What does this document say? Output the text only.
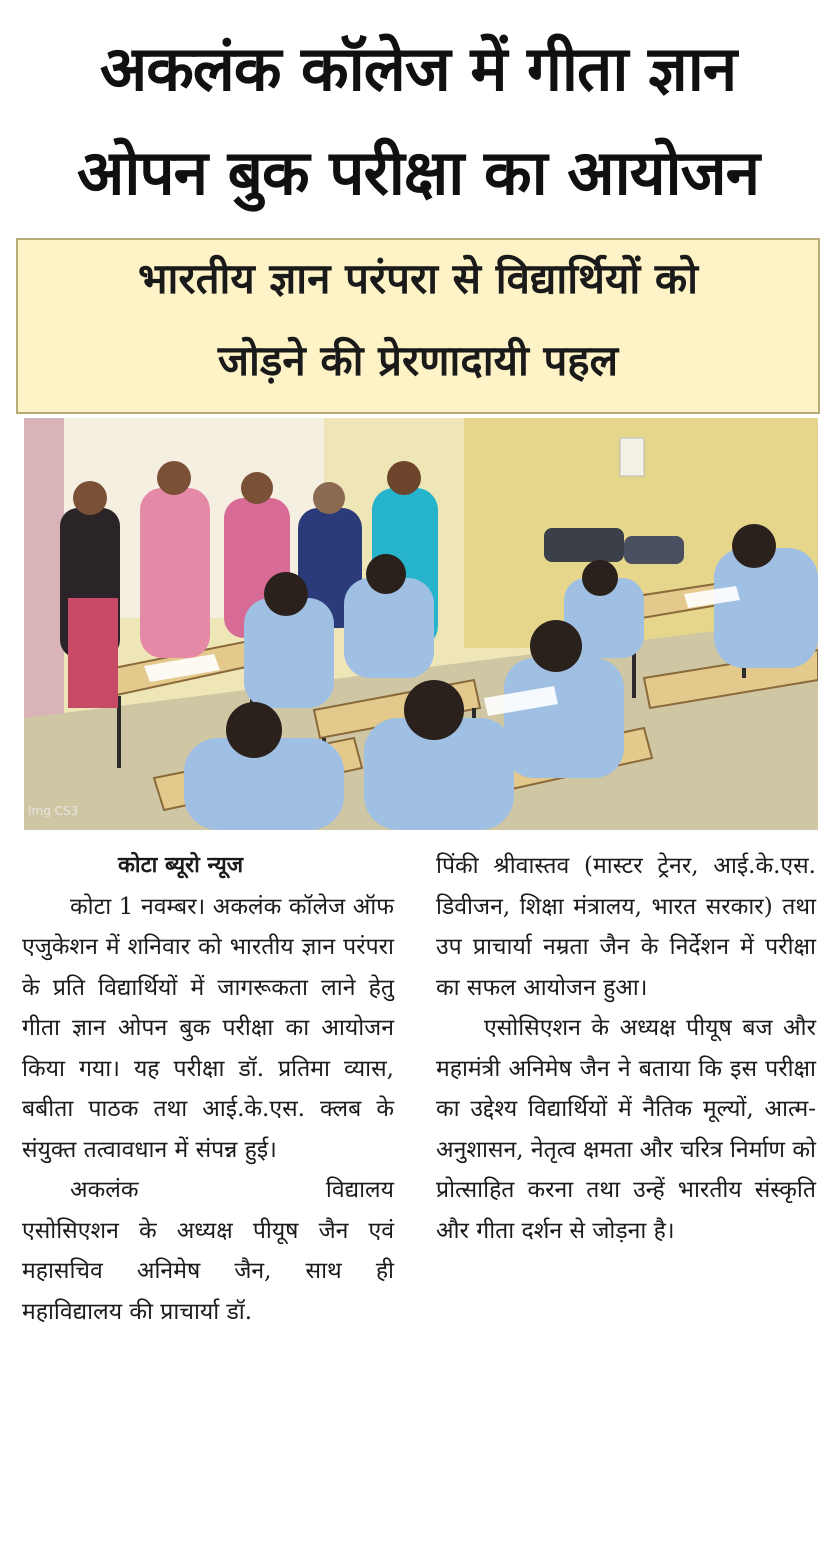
अकलंक कॉलेज में गीता ज्ञान
ओपन बुक परीक्षा का आयोजन
भारतीय ज्ञान परंपरा से विद्यार्थियों को
जोड़ने की प्रेरणादायी पहल
Img CS3

कोटा ब्यूरो न्यूज

कोटा 1 नवम्बर। अकलंक कॉलेज ऑफ एजुकेशन में शनिवार को भारतीय ज्ञान परंपरा के प्रति विद्यार्थियों में जागरूकता लाने हेतु गीता ज्ञान ओपन बुक परीक्षा का आयोजन किया गया। यह परीक्षा डॉ. प्रतिमा व्यास, बबीता पाठक तथा आई.के.एस. क्लब के संयुक्त तत्वावधान में संपन्न हुई।

अकलंक विद्यालय

एसोसिएशन के अध्यक्ष पीयूष जैन एवं महासचिव अनिमेष जैन, साथ ही महाविद्यालय की प्राचार्या डॉ.

पिंकी श्रीवास्तव (मास्टर ट्रेनर, आई.के.एस. डिवीजन, शिक्षा मंत्रालय, भारत सरकार) तथा उप प्राचार्या नम्रता जैन के निर्देशन में परीक्षा का सफल आयोजन हुआ।

एसोसिएशन के अध्यक्ष पीयूष बज और महामंत्री अनिमेष जैन ने बताया कि इस परीक्षा का उद्देश्य विद्यार्थियों में नैतिक मूल्यों, आत्म-अनुशासन, नेतृत्व क्षमता और चरित्र निर्माण को प्रोत्साहित करना तथा उन्हें भारतीय संस्कृति और गीता दर्शन से जोड़ना है।
